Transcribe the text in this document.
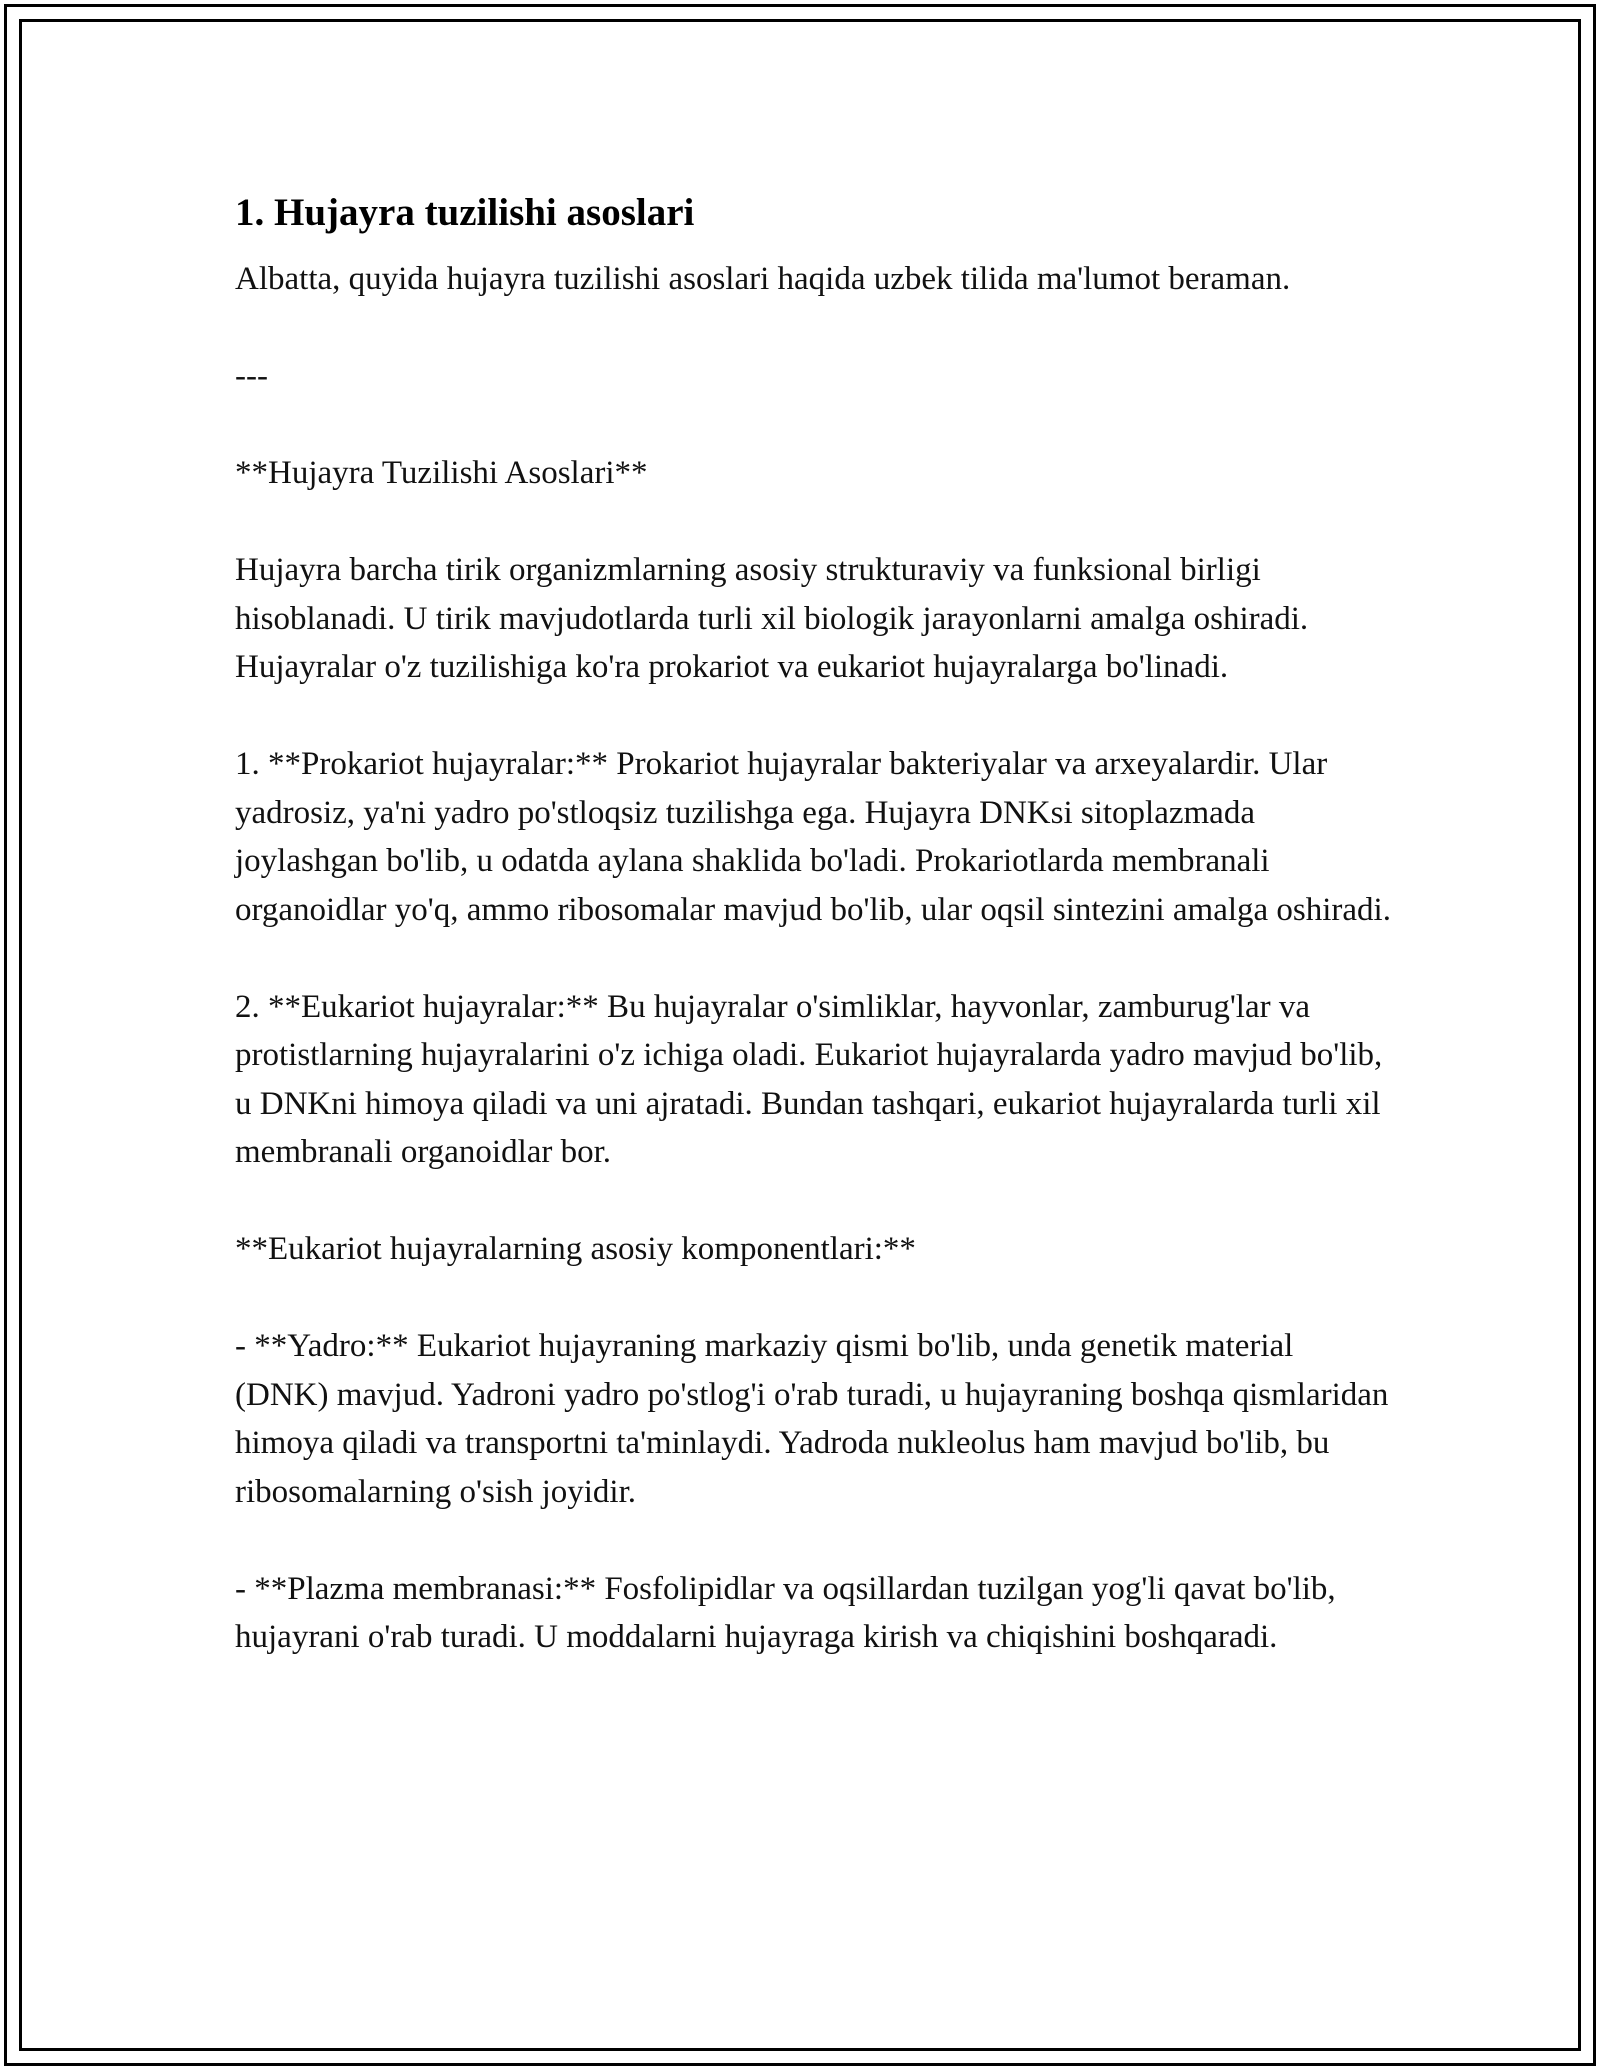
1. Hujayra tuzilishi asoslari

Albatta, quyida hujayra tuzilishi asoslari haqida uzbek tilida ma'lumot beraman.

---

**Hujayra Tuzilishi Asoslari**

Hujayra barcha tirik organizmlarning asosiy strukturaviy va funksional birligi hisoblanadi. U tirik mavjudotlarda turli xil biologik jarayonlarni amalga oshiradi. Hujayralar o'z tuzilishiga ko'ra prokariot va eukariot hujayralarga bo'linadi.

1. **Prokariot hujayralar:** Prokariot hujayralar bakteriyalar va arxeyalardir. Ular yadrosiz, ya'ni yadro po'stloqsiz tuzilishga ega. Hujayra DNKsi sitoplazmada joylashgan bo'lib, u odatda aylana shaklida bo'ladi. Prokariotlarda membranali organoidlar yo'q, ammo ribosomalar mavjud bo'lib, ular oqsil sintezini amalga oshiradi.

2. **Eukariot hujayralar:** Bu hujayralar o'simliklar, hayvonlar, zamburug'lar va protistlarning hujayralarini o'z ichiga oladi. Eukariot hujayralarda yadro mavjud bo'lib, u DNKni himoya qiladi va uni ajratadi. Bundan tashqari, eukariot hujayralarda turli xil membranali organoidlar bor.

**Eukariot hujayralarning asosiy komponentlari:**

- **Yadro:** Eukariot hujayraning markaziy qismi bo'lib, unda genetik material (DNK) mavjud. Yadroni yadro po'stlog'i o'rab turadi, u hujayraning boshqa qismlaridan himoya qiladi va transportni ta'minlaydi. Yadroda nukleolus ham mavjud bo'lib, bu ribosomalarning o'sish joyidir.

- **Plazma membranasi:** Fosfolipidlar va oqsillardan tuzilgan yog'li qavat bo'lib, hujayrani o'rab turadi. U moddalarni hujayraga kirish va chiqishini boshqaradi.
